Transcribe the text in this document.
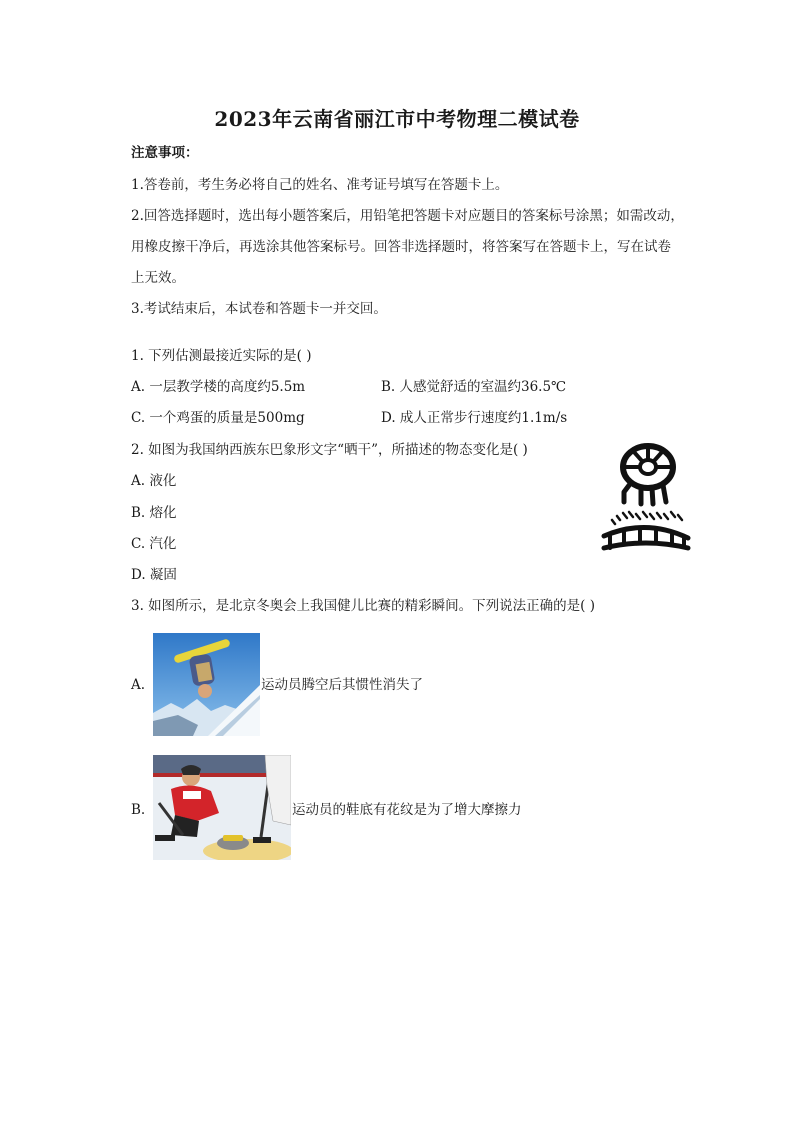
2023年云南省丽江市中考物理二模试卷
注意事项：
1.答卷前，考生务必将自己的姓名、准考证号填写在答题卡上。
2.回答选择题时，选出每小题答案后，用铅笔把答题卡对应题目的答案标号涂黑；如需改动，
用橡皮擦干净后，再选涂其他答案标号。回答非选择题时，将答案写在答题卡上，写在试卷
上无效。
3.考试结束后，本试卷和答题卡一并交回。
1. 下列估测最接近实际的是( )
A. 一层教学楼的高度约5.5m	B. 人感觉舒适的室温约36.5℃
C. 一个鸡蛋的质量是500mg	D. 成人正常步行速度约1.1m/s
2. 如图为我国纳西族东巴象形文字“晒干”，所描述的物态变化是( )
A. 液化
B. 熔化
C. 汽化
D. 凝固
3. 如图所示，是北京冬奥会上我国健儿比赛的精彩瞬间。下列说法正确的是( )
A.	运动员腾空后其惯性消失了
B.	运动员的鞋底有花纹是为了增大摩擦力
